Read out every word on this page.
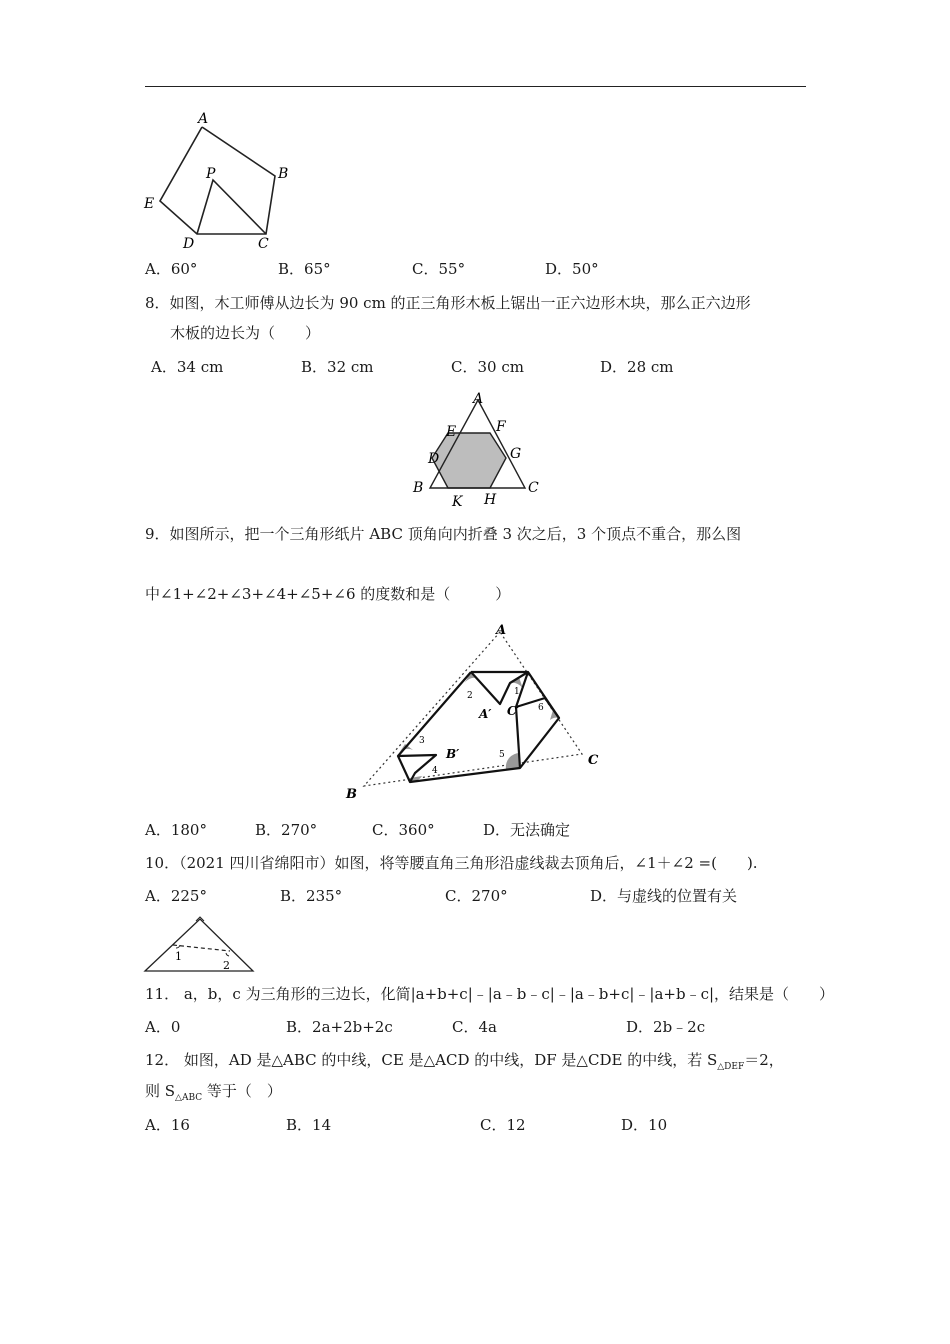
A
B
C
D
E
P
A．60°	B．65°	C．55°	D．50°
8．如图，木工师傅从边长为 90 cm 的正三角形木板上锯出一正六边形木块，那么正六边形
木板的边长为（　　）
A．34 cm	B．32 cm	C．30 cm	D．28 cm
A
B	C
D
E	F
G
H
K
9．如图所示，把一个三角形纸片 ABC 顶角向内折叠 3 次之后，3 个顶点不重合，那么图
中∠1+∠2+∠3+∠4+∠5+∠6 的度数和是（　　　）
A
B
C
A′
B′
C′
1
2
3
4
5
6
A．180°	B．270°	C．360°	D．无法确定
10．（2021 四川省绵阳市）如图，将等腰直角三角形沿虚线裁去顶角后，∠1＋∠2 =(　　).
A．225°	B．235°	C．270°	D．与虚线的位置有关
1
2
11． a，b，c 为三角形的三边长，化简|a+b+c|﹣|a﹣b﹣c|﹣|a﹣b+c|﹣|a+b﹣c|，结果是（　　）
A．0	B．2a+2b+2c	C．4a	D．2b﹣2c
12． 如图，AD 是△ABC 的中线，CE 是△ACD 的中线，DF 是△CDE 的中线，若 $S_{\triangle DEF}=2$，
则 $S_{\triangle ABC}$ 等于（　）
A．16	B．14	C．12	D．10
